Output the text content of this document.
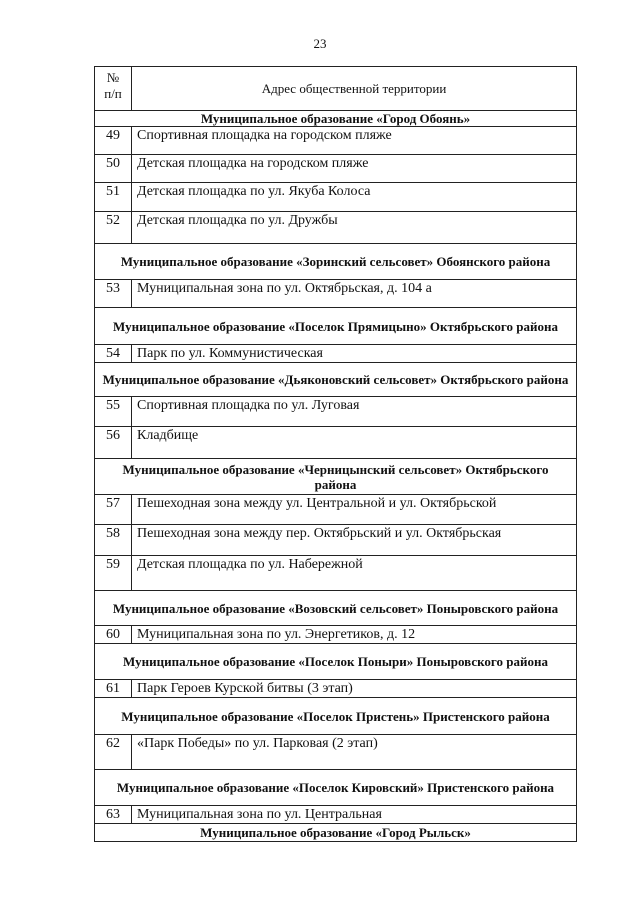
23
№
п/п	Адрес общественной территории
Муниципальное образование «Город Обоянь»	
49	Спортивная площадка на городском пляже
50	Детская площадка на городском пляже
51	Детская площадка по ул. Якуба Колоса
52	Детская площадка по ул. Дружбы
Муниципальное образование «Зоринский сельсовет» Обоянского района	
53	Муниципальная зона по ул. Октябрьская, д. 104 а
Муниципальное образование «Поселок Прямицыно» Октябрьского района	
54	Парк по ул. Коммунистическая
Муниципальное образование «Дьяконовский сельсовет» Октябрьского района	
55	Спортивная площадка по ул. Луговая
56	Кладбище
Муниципальное образование «Черницынский сельсовет» Октябрьского района	
57	Пешеходная зона между ул. Центральной и ул. Октябрьской
58	Пешеходная зона между пер. Октябрьский и ул. Октябрьская
59	Детская площадка по ул. Набережной
Муниципальное образование «Возовский сельсовет» Поныровского района	
60	Муниципальная зона по ул. Энергетиков, д. 12
Муниципальное образование «Поселок Поныри» Поныровского района	
61	Парк Героев Курской битвы (3 этап)
Муниципальное образование «Поселок Пристень» Пристенского района	
62	«Парк Победы» по ул. Парковая (2 этап)
Муниципальное образование «Поселок Кировский» Пристенского района	
63	Муниципальная зона по ул. Центральная
Муниципальное образование «Город Рыльск»	
